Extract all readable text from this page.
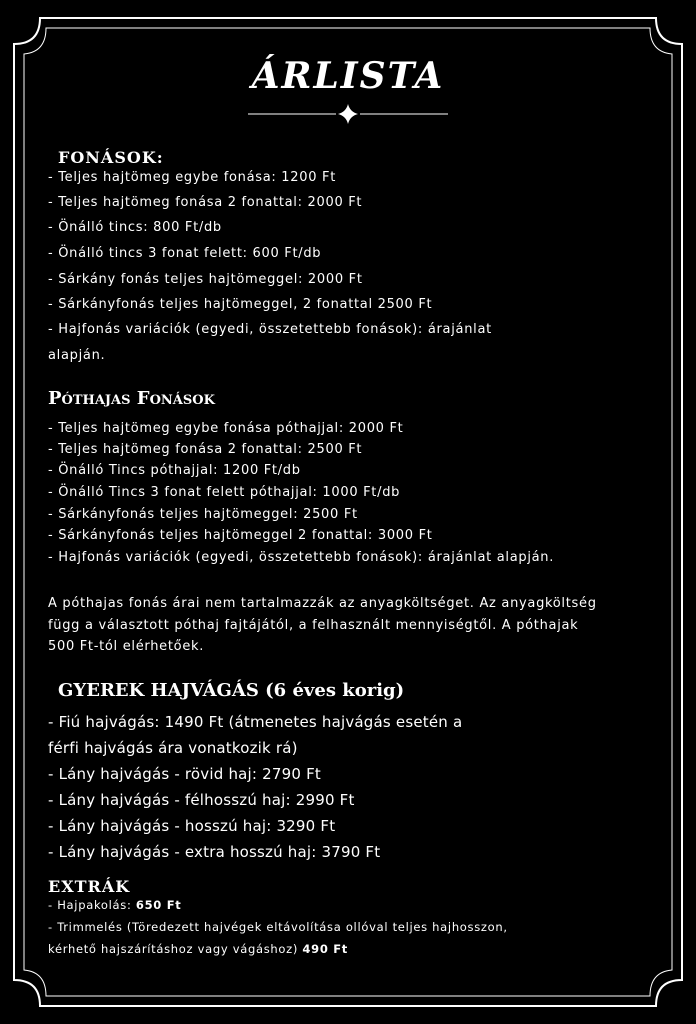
ÁRLISTA
FONÁSOK:
- Teljes hajtömeg egybe fonása: 1200 Ft
- Teljes hajtömeg fonása 2 fonattal: 2000 Ft
- Önálló tincs: 800 Ft/db
- Önálló tincs 3 fonat felett: 600 Ft/db
- Sárkány fonás teljes hajtömeggel: 2000 Ft
- Sárkányfonás teljes hajtömeggel, 2 fonattal 2500 Ft
- Hajfonás variációk (egyedi, összetettebb fonások): árajánlat
alapján.
Póthajas Fonások
- Teljes hajtömeg egybe fonása póthajjal: 2000 Ft
- Teljes hajtömeg fonása 2 fonattal: 2500 Ft
- Önálló Tincs póthajjal: 1200 Ft/db
- Önálló Tincs 3 fonat felett póthajjal: 1000 Ft/db
- Sárkányfonás teljes hajtömeggel: 2500 Ft
- Sárkányfonás teljes hajtömeggel 2 fonattal: 3000 Ft
- Hajfonás variációk (egyedi, összetettebb fonások): árajánlat alapján.
A póthajas fonás árai nem tartalmazzák az anyagköltséget. Az anyagköltség
függ a választott póthaj fajtájától, a felhasznált mennyiségtől. A póthajak
500 Ft-tól elérhetőek.
GYEREK HAJVÁGÁS (6 éves korig)
- Fiú hajvágás: 1490 Ft (átmenetes hajvágás esetén a
férfi hajvágás ára vonatkozik rá)
- Lány hajvágás - rövid haj: 2790 Ft
- Lány hajvágás - félhosszú haj: 2990 Ft
- Lány hajvágás - hosszú haj: 3290 Ft
- Lány hajvágás - extra hosszú haj: 3790 Ft
EXTRÁK
- Hajpakolás: 650 Ft
- Trimmelés (Töredezett hajvégek eltávolítása ollóval teljes hajhosszon,
kérhető hajszárításhoz vagy vágáshoz) 490 Ft
